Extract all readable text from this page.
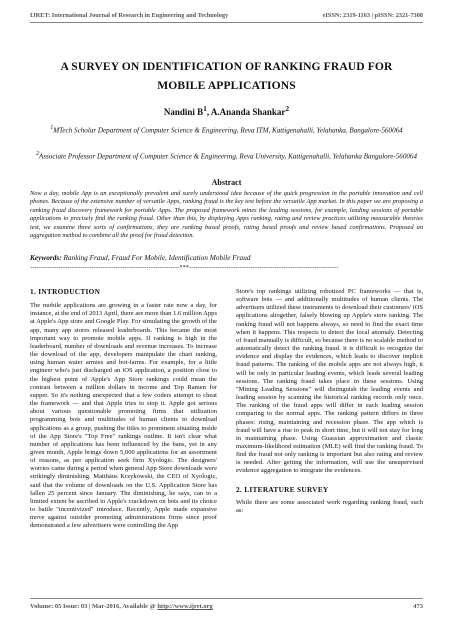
IJRET: International Journal of Research in Engineering and Technology	eISSN: 2319-1163 | pISSN: 2321-7308
A SURVEY ON IDENTIFICATION OF RANKING FRAUD FOR
MOBILE APPLICATIONS
Nandini $B^1$, A.Ananda Shankar$^2$
$^1$MTech Scholar Department of Computer Science & Engineering, Reva ITM, Kattigenahalli, Yelahanka, Bangalore-560064
$^2$Associate Professor Department of Computer Science & Engineering, Reva University, Kattigenahalli, Yelahanka Bangalore-560064
Abstract
Now a day, mobile App is an exceptionally prevalent and surely understood idea because of the quick progression in the portable innovation and cell phones. Because of the extensive number of versatile Apps, ranking fraud is the key test before the versatile App market. In this paper we are proposing a ranking fraud discovery framework for portable Apps. The proposed framework mines the leading sessions, for example, leading sessions of portable applications to precisely find the ranking fraud. Other than this, by displaying Apps ranking, rating and review practices utilizing measurable theories test, we examine three sorts of confirmations, they are ranking based proofs, rating based proofs and review based confirmations. Proposed an aggregation method to combine all the proof for fraud detection.
Keywords: Ranking Fraud, Fraud For Mobile, Identification Mobile Fraud
--------------------------------------------------------------------***--------------------------------------------------------------------
1. INTRODUCTION

The mobile applications are growing in a faster rate now a day, for instance, at the end of 2013 April, there are more than 1.6 million Apps at Apple's App store and Google Play. For simulating the growth of the app, many app stores released leaderboards. This became the most important way to promote mobile apps. If ranking is high in the leaderboard, number of downloads and revenue increases. To increase the download of the app, developers manipulate the chart ranking, using human water armies and bot-farms. For example, for a little engineer who's just discharged an iOS application, a position close to the highest point of Apple's App Store rankings could mean the contrast between a million dollars in income and Top Ramen for supper. So it's nothing unexpected that a few coders attempt to cheat the framework — and that Apple tries to stop it. Apple got serious about various questionable promoting firms that utilization programming bots and multitudes of human clients to download applications as a group, pushing the titles to prominent situating inside of the App Store's "Top Free" rankings outline. It isn't clear what number of applications has been influenced by the bans, yet in any given month, Apple brings down 5,000 applications for an assortment of reasons, as per application seek firm Xyologic. The designers' worries came during a period when general App Store downloads were strikingly diminishing. Matthäus Krzykowski, the CEO of Xyologic, said that the volume of downloads on the U.S. Application Store has fallen 25 percent since January. The diminishing, he says, can to a limited extent be ascribed to Apple's crackdown on bots and its choice to battle "incentivized" introduce. Recently, Apple made expansive move against outsider promoting administrations firms since proof demonstrated a few advertisers were controlling the App

Store's top rankings utilizing robotized PC frameworks — that is, software bots — and additionally multitudes of human clients. The advertisers utilized these instruments to download their customers' iOS applications altogether, falsely blowing up Apple's store ranking. The ranking fraud will not happens always, so need to find the exact time when it happens. This respects to detect the local anomaly. Detecting of fraud manually is difficult, so because there is no scalable method to automatically detect the ranking fraud. it is difficult to recognize the evidence and display the evidences, which leads to discover implicit fraud patterns. The ranking of the mobile apps are not always high, it will be only in particular leading events, which leads several leading sessions. The ranking fraud takes place in these sessions. Using "Mining Leading Sessions" will distinguish the leading events and leading session by scanning the historical ranking records only once. The ranking of the fraud apps will differ in each leading session comparing to the normal apps. The ranking pattern differs in three phases: rising, maintaining and recession phase. The app which is fraud will have a rise to peak in short time, but it will not stay for long in maintaining phase. Using Guassian approximation and classic maximum-likelihood estimation (MLE) will find the ranking fraud. To find the fraud not only ranking is important but also rating and review is needed. After getting the information, will use the unsupervised evidence aggregation to integrate the evidences.

2. LITERATURE SURVEY

While there are some associated work regarding ranking fraud, such as:

Volume: 05 Issue: 03 | Mar-2016, Available @ http://www.ijret.org	473
